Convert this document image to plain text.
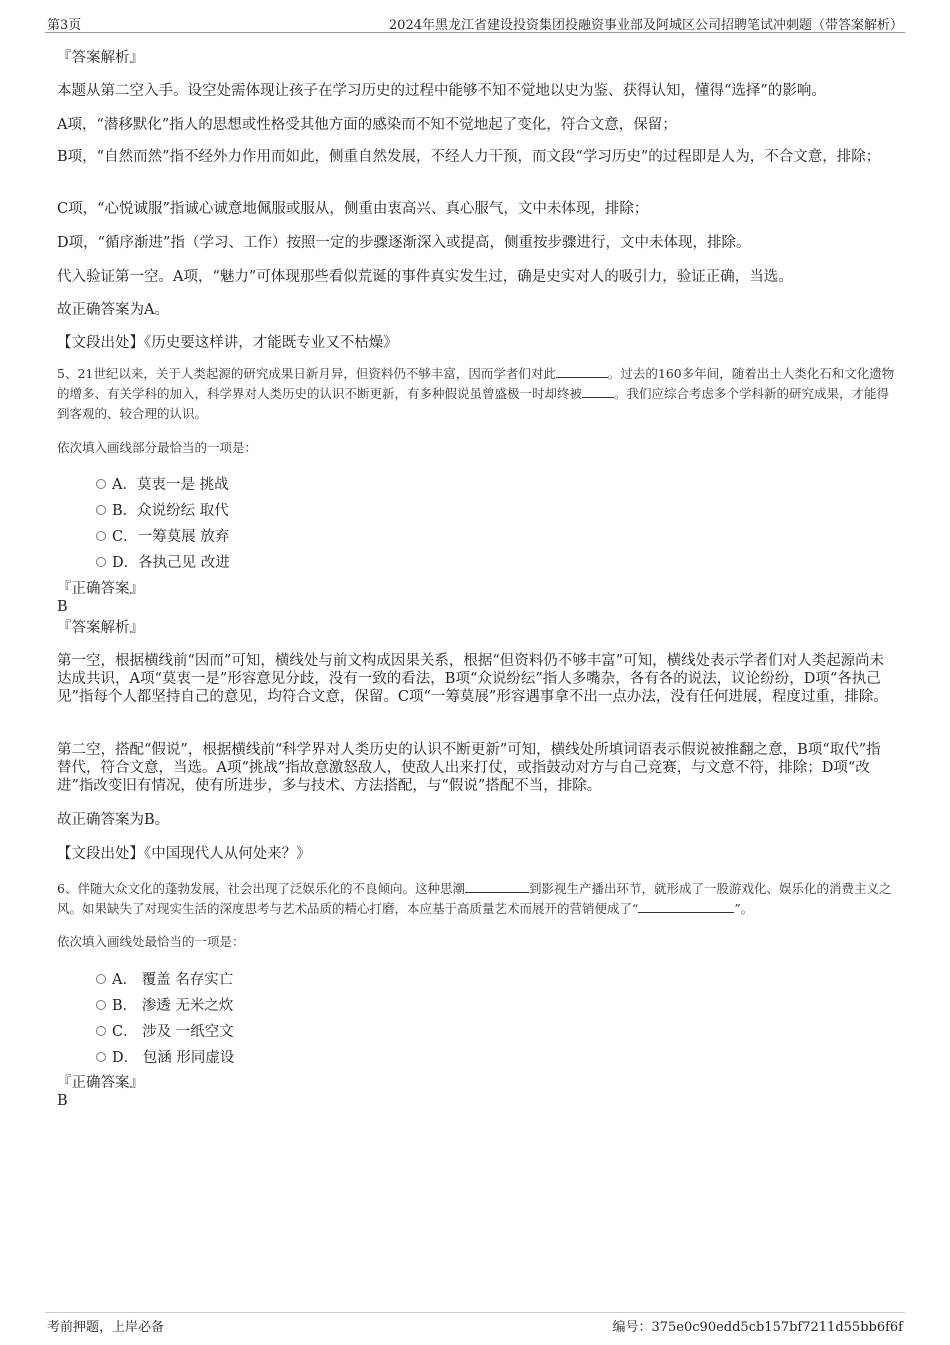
第3页	2024年黑龙江省建设投资集团投融资事业部及阿城区公司招聘笔试冲刺题（带答案解析）
『答案解析』
本题从第二空入手。设空处需体现让孩子在学习历史的过程中能够不知不觉地以史为鉴、获得认知，懂得“选择”的影响。
A项，“潜移默化”指人的思想或性格受其他方面的感染而不知不觉地起了变化，符合文意，保留；
B项，“自然而然”指不经外力作用而如此，侧重自然发展，不经人力干预，而文段“学习历史”的过程即是人为，不合文意，排除；
C项，“心悦诚服”指诚心诚意地佩服或服从，侧重由衷高兴、真心服气，文中未体现，排除；
D项，“循序渐进”指（学习、工作）按照一定的步骤逐渐深入或提高，侧重按步骤进行，文中未体现，排除。
代入验证第一空。A项，“魅力”可体现那些看似荒诞的事件真实发生过，确是史实对人的吸引力，验证正确，当选。
故正确答案为A。
【文段出处】《历史要这样讲，才能既专业又不枯燥》
5、21世纪以来，关于人类起源的研究成果日新月异，但资料仍不够丰富，因而学者们对此	。过去的160多年间，随着出土人类化石和文化遗物的增多、有关学科的加入，科学界对人类历史的认识不断更新，有多种假说虽曾盛极一时却终被	。我们应综合考虑多个学科新的研究成果，才能得到客观的、较合理的认识。
依次填入画线部分最恰当的一项是：
A．莫衷一是 挑战
B．众说纷纭 取代
C．一筹莫展 放弃
D．各执己见 改进
『正确答案』
B
『答案解析』
第一空，根据横线前“因而”可知，横线处与前文构成因果关系，根据“但资料仍不够丰富”可知，横线处表示学者们对人类起源尚未达成共识，A项“莫衷一是”形容意见分歧，没有一致的看法，B项“众说纷纭”指人多嘴杂，各有各的说法，议论纷纷，D项“各执己见”指每个人都坚持自己的意见，均符合文意，保留。C项“一筹莫展”形容遇事拿不出一点办法，没有任何进展，程度过重，排除。
第二空，搭配“假说”，根据横线前“科学界对人类历史的认识不断更新”可知，横线处所填词语表示假说被推翻之意，B项“取代”指替代，符合文意，当选。A项“挑战”指故意激怒敌人，使敌人出来打仗，或指鼓动对方与自己竞赛，与文意不符，排除；D项“改进”指改变旧有情况，使有所进步，多与技术、方法搭配，与“假说”搭配不当，排除。
故正确答案为B。
【文段出处】《中国现代人从何处来？》
6、伴随大众文化的蓬勃发展，社会出现了泛娱乐化的不良倾向。这种思潮	到影视生产播出环节，就形成了一股游戏化、娱乐化的消费主义之风。如果缺失了对现实生活的深度思考与艺术品质的精心打磨，本应基于高质量艺术而展开的营销便成了“	”。
依次填入画线处最恰当的一项是：
A． 覆盖 名存实亡
B． 渗透 无米之炊
C． 涉及 一纸空文
D． 包涵 形同虚设
『正确答案』
B
考前押题，上岸必备	编号：375e0c90edd5cb157bf7211d55bb6f6f
